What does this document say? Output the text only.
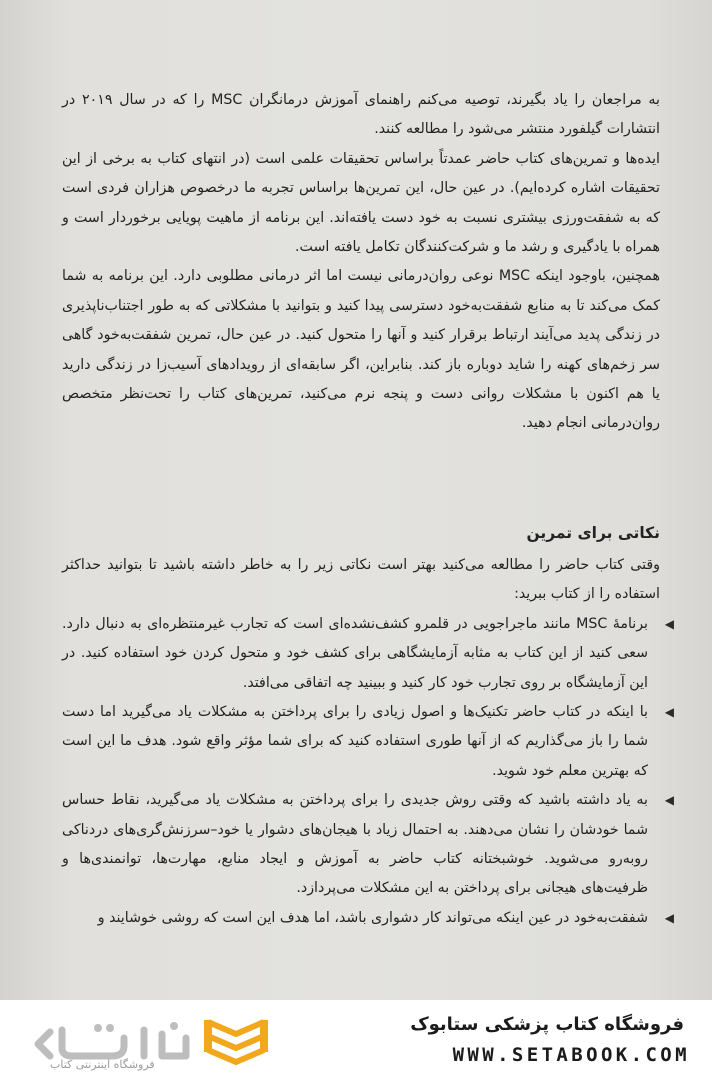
به مراجعان را یاد بگیرند، توصیه می‌کنم راهنمای آموزش درمانگران MSC را که در سال ۲۰۱۹ در انتشارات گیلفورد منتشر می‌شود را مطالعه کنند.

ایده‌ها و تمرین‌های کتاب حاضر عمدتاً براساس تحقیقات علمی است (در انتهای کتاب به برخی از این تحقیقات اشاره کرده‌ایم). در عین حال، این تمرین‌ها براساس تجربه ما درخصوص هزاران فردی است که به شفقت‌ورزی بیشتری نسبت به خود دست یافته‌اند. این برنامه از ماهیت پویایی برخوردار است و همراه با یادگیری و رشد ما و شرکت‌کنندگان تکامل یافته است.

همچنین، باوجود اینکه MSC نوعی روان‌درمانی نیست اما اثر درمانی مطلوبی دارد. این برنامه به شما کمک می‌کند تا به منابع شفقت‌به‌خود دسترسی پیدا کنید و بتوانید با مشکلاتی که به طور اجتناب‌ناپذیری در زندگی پدید می‌آیند ارتباط برقرار کنید و آنها را متحول کنید. در عین حال، تمرین شفقت‌به‌خود گاهی سر زخم‌های کهنه را شاید دوباره باز کند. بنابراین، اگر سابقه‌ای از رویدادهای آسیب‌زا در زندگی دارید یا هم اکنون با مشکلات روانی دست و پنجه نرم می‌کنید، تمرین‌های کتاب را تحت‌نظر متخصص روان‌درمانی انجام دهید.

نکاتی برای تمرین

وقتی کتاب حاضر را مطالعه می‌کنید بهتر است نکاتی زیر را به خاطر داشته باشید تا بتوانید حداکثر استفاده را از کتاب ببرید:

◀
برنامهٔ MSC مانند ماجراجویی در قلمرو کشف‌نشده‌ای است که تجارب غیرمنتظره‌ای به دنبال دارد. سعی کنید از این کتاب به مثابه آزمایشگاهی برای کشف خود و متحول کردن خود استفاده کنید. در این آزمایشگاه بر روی تجارب خود کار کنید و ببینید چه اتفاقی می‌افتد.
◀
با اینکه در کتاب حاضر تکنیک‌ها و اصول زیادی را برای پرداختن به مشکلات یاد می‌گیرید اما دست شما را باز می‌گذاریم که از آنها طوری استفاده کنید که برای شما مؤثر واقع شود. هدف ما این است که بهترین معلم خود شوید.
◀
به یاد داشته باشید که وقتی روش جدیدی را برای پرداختن به مشکلات یاد می‌گیرید، نقاط حساس شما خودشان را نشان می‌دهند. به احتمال زیاد با هیجان‌های دشوار یا خود–سرزنش‌گری‌های دردناکی روبه‌رو می‌شوید. خوشبختانه کتاب حاضر به آموزش و ایجاد منابع، مهارت‌ها، توانمندی‌ها و ظرفیت‌های هیجانی برای پرداختن به این مشکلات می‌پردازد.
◀
شفقت‌به‌خود در عین اینکه می‌تواند کار دشواری باشد، اما هدف این است که روشی خوشایند و
فروشگاه اینترنتی کتاب
فروشگاه کتاب پزشکی ستابوک
WWW.SETABOOK.COM
